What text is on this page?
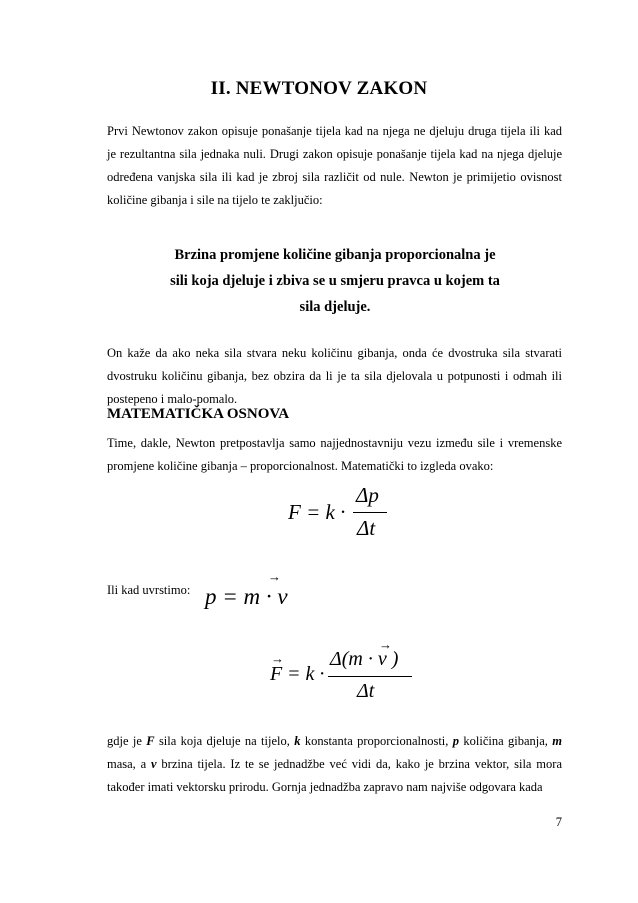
II. NEWTONOV ZAKON
Prvi Newtonov zakon opisuje ponašanje tijela kad na njega ne djeluju druga tijela ili kad je rezultantna sila jednaka nuli. Drugi zakon opisuje ponašanje tijela kad na njega djeluje određena vanjska sila ili kad je zbroj sila različit od nule. Newton je primijetio ovisnost količine gibanja i sile na tijelo te zaključio:
Brzina promjene količine gibanja proporcionalna je
sili koja djeluje i zbiva se u smjeru pravca u kojem ta
sila djeluje.
On kaže da ako neka sila stvara neku količinu gibanja, onda će dvostruka sila stvarati dvostruku količinu gibanja, bez obzira da li je ta sila djelovala u potpunosti i odmah ili postepeno i malo-pomalo.
MATEMATIČKA OSNOVA
Time, dakle, Newton pretpostavlja samo najjednostavniju vezu između sile i vremenske promjene količine gibanja – proporcionalnost. Matematički to izgleda ovako:
F = k ·
Δp
Δt
Ili kad uvrstimo:
→
p = m · v
→
F = k ·
→
Δ(m · v )
Δt
gdje je F sila koja djeluje na tijelo, k konstanta proporcionalnosti, p količina gibanja, m masa, a v brzina tijela. Iz te se jednadžbe već vidi da, kako je brzina vektor, sila mora također imati vektorsku prirodu. Gornja jednadžba zapravo nam najviše odgovara kada
7
